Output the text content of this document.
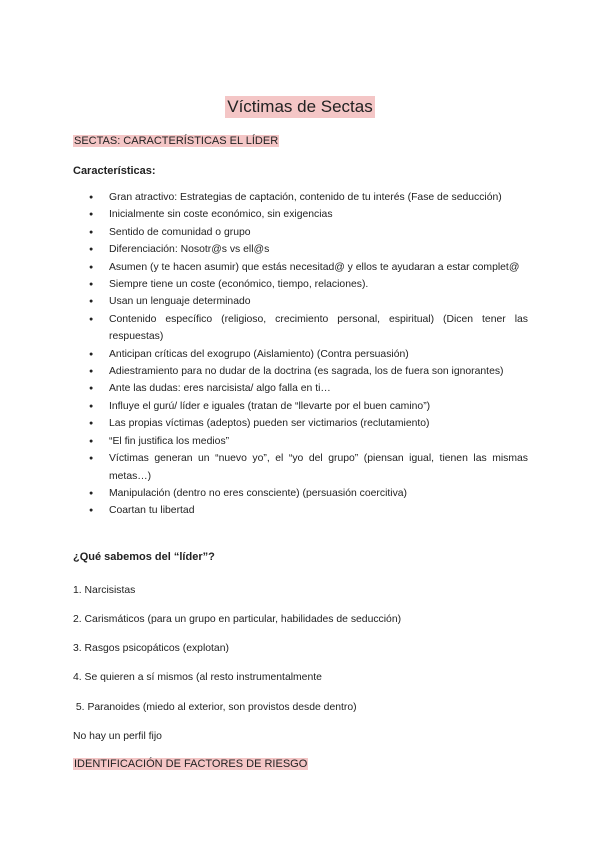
Víctimas de Sectas
SECTAS: CARACTERÍSTICAS EL LÍDER
Características:
● Gran atractivo: Estrategias de captación, contenido de tu interés (Fase de seducción)
● Inicialmente sin coste económico, sin exigencias
● Sentido de comunidad o grupo
● Diferenciación: Nosotr@s vs ell@s
● Asumen (y te hacen asumir) que estás necesitad@ y ellos te ayudaran a estar complet@
● Siempre tiene un coste (económico, tiempo, relaciones).
● Usan un lenguaje determinado
● Contenido específico (religioso, crecimiento personal, espiritual) (Dicen tener las respuestas)
● Anticipan críticas del exogrupo (Aislamiento) (Contra persuasión)
● Adiestramiento para no dudar de la doctrina (es sagrada, los de fuera son ignorantes)
● Ante las dudas: eres narcisista/ algo falla en ti…
● Influye el gurú/ líder e iguales (tratan de “llevarte por el buen camino”)
● Las propias víctimas (adeptos) pueden ser victimarios (reclutamiento)
● “El fin justifica los medios”
● Víctimas generan un “nuevo yo”, el “yo del grupo” (piensan igual, tienen las mismas metas…)
● Manipulación (dentro no eres consciente) (persuasión coercitiva)
● Coartan tu libertad
¿Qué sabemos del “líder”?
1. Narcisistas
2. Carismáticos (para un grupo en particular, habilidades de seducción)
3. Rasgos psicopáticos (explotan)
4. Se quieren a sí mismos (al resto instrumentalmente
5. Paranoides (miedo al exterior, son provistos desde dentro)
No hay un perfil fijo
IDENTIFICACIÓN DE FACTORES DE RIESGO
